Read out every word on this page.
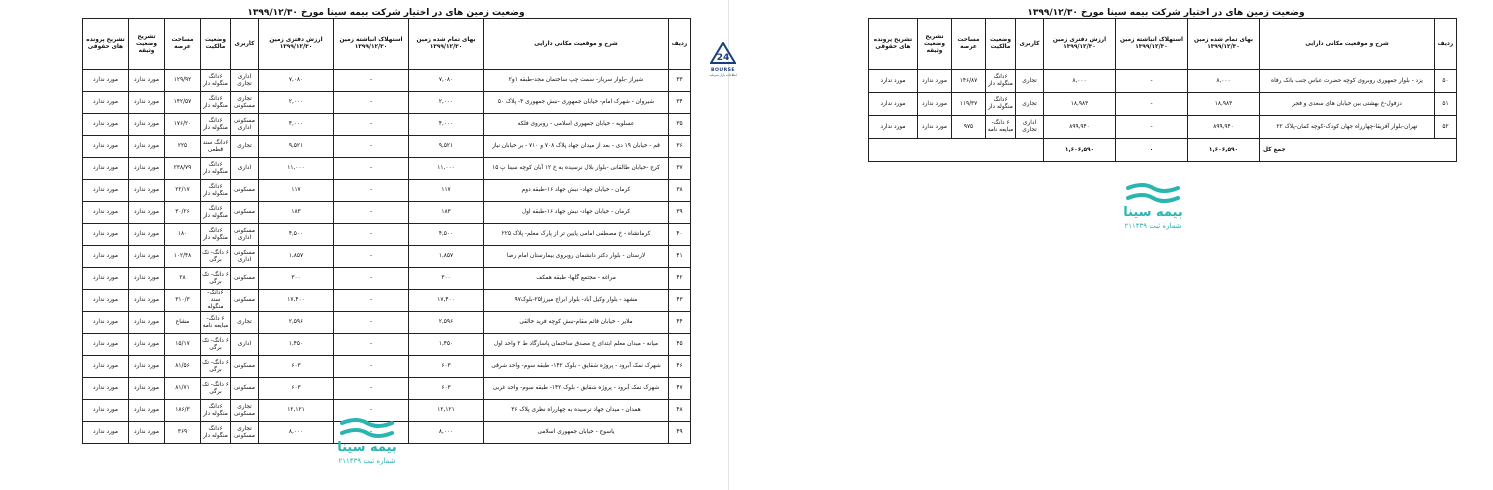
وضعیت زمین های در اختیار شرکت بیمه سینا مورخ ۱۳۹۹/۱۲/۳۰
ردیف	شرح و موقعیت مکانی دارایی	بهای تمام شده زمین ۱۳۹۹/۱۲/۳۰	استهلاک انباشته زمین ۱۳۹۹/۱۲/۳۰	ارزش دفتری زمین ۱۳۹۹/۱۲/۳۰	کاربری	وضعیت مالکیت	مساحت عرصه	تشریح وضعیت وثیقه	تشریح پرونده های حقوقی
۳۳	شیراز -بلوار سرباز- سمت چپ ساختمان مجد-طبقه ۱و۲	۷,۰۸۰	-	۷,۰۸۰	اداری تجاری	۶دانگ منگوله دار	۱۲۹/۹۲	مورد ندارد	مورد ندارد
۳۴	شیروان - شهرک امام- خیابان جمهوری -نبش جمهوری ۳- پلاک ۵۰	۲,۰۰۰	-	۲,۰۰۰	تجاری مسکونی	۶دانگ منگوله دار	۱۴۲/۵۷	مورد ندارد	مورد ندارد
۳۵	عسلویه - خیابان جمهوری اسلامی - روبروی فلکه	۴,۰۰۰	-	۴,۰۰۰	مسکونی اداری	۶دانگ منگوله دار	۱۷۶/۲۰	مورد ندارد	مورد ندارد
۳۶	قم - خیابان ۱۹ دی - بعد از میدان جهاد پلاک ۷۰۸ و ۷۱۰ - بر خیابان نیاز	۹,۵۲۱	-	۹,۵۲۱	تجاری	۶دانگ سند قطعی	۲۲۵	مورد ندارد	مورد ندارد
۳۷	کرج -خیابان طالقانی -بلوار بلال نرسیده به خ ۱۲ آبان کوچه سینا پ ۱۵	۱۱,۰۰۰	-	۱۱,۰۰۰	اداری	۶دانگ منگوله دار	۲۳۸/۷۹	مورد ندارد	مورد ندارد
۳۸	کرمان - خیابان جهاد- نبش جهاد ۱۶-طبقه دوم	۱۱۷	-	۱۱۷	مسکونی	۶دانگ منگوله دار	۲۲/۱۷	مورد ندارد	مورد ندارد
۳۹	کرمان - خیابان جهاد- نبش جهاد ۱۶-طبقه اول	۱۸۳	-	۱۸۳	مسکونی	۶دانگ منگوله دار	۳۰/۲۶	مورد ندارد	مورد ندارد
۴۰	کرمانشاه - خ مصطفی امامی پایین تر از پارک معلم- پلاک ۲۲۵	۴,۵۰۰	-	۴,۵۰۰	مسکونی اداری	۶دانگ منگوله دار	۱۸۰	مورد ندارد	مورد ندارد
۴۱	لارستان - بلوار دکتر دانشمان روبروی بیمارستان امام رضا	۱,۸۵۷	-	۱,۸۵۷	مسکونی اداری	۶ دانگ- تک برگی	۱۰۲/۴۸	مورد ندارد	مورد ندارد
۴۲	مراغه - مجتمع گلها- طبقه همکف	۳۰۰	-	۳۰۰	مسکونی	۶ دانگ- تک برگی	۲۸	مورد ندارد	مورد ندارد
۴۳	مشهد - بلوار وکیل آباد- بلوار ابراج میرزا۲۵-بلوک۹۷	۱۷,۴۰۰	-	۱۷,۴۰۰	مسکونی	۶دانگ- سند منگوله	۳۱۰/۳	مورد ندارد	مورد ندارد
۴۴	ملایر - خیابان قائم مقام-نبش کوچه فرید خالقی	۲,۵۹۶	-	۲,۵۹۶	تجاری	۶ دانگ- مبایعه نامه	مشاع	مورد ندارد	مورد ندارد
۴۵	میانه - میدان معلم ابتدای خ مصدق ساختمان پاسارگاد ط ۲ واحد اول	۱,۴۵۰	-	۱,۴۵۰	اداری	۶ دانگ- تک برگی	۱۵/۱۷	مورد ندارد	مورد ندارد
۴۶	شهرک نمک آبرود - پروژه شقایق - بلوک ۱۴۲- طبقه سوم- واحد شرقی	۶۰۳	-	۶۰۳	مسکونی	۶ دانگ- تک برگی	۸۱/۵۶	مورد ندارد	مورد ندارد
۴۷	شهرک نمک آبرود - پروژه شقایق - بلوک ۱۴۲- طبقه سوم- واحد غربی	۶۰۳	-	۶۰۳	مسکونی	۶ دانگ- تک برگی	۸۱/۷۱	مورد ندارد	مورد ندارد
۴۸	همدان - میدان جهاد نرسیده به چهارراه نظری پلاک ۳۶	۱۲,۱۲۱	-	۱۲,۱۲۱	تجاری مسکونی	۶دانگ منگوله دار	۱۸۶/۳	مورد ندارد	مورد ندارد
۴۹	یاسوج - خیابان جمهوری اسلامی	۸,۰۰۰	-	۸,۰۰۰	تجاری مسکونی	۶دانگ منگوله دار	۳۶۹	مورد ندارد	مورد ندارد
24
BOURSE
اطلاعات بازار سرمایه
وضعیت زمین های در اختیار شرکت بیمه سینا مورخ ۱۳۹۹/۱۲/۳۰
ردیف	شرح و موقعیت مکانی دارایی	بهای تمام شده زمین ۱۳۹۹/۱۲/۳۰	استهلاک انباشته زمین ۱۳۹۹/۱۲/۳۰	ارزش دفتری زمین ۱۳۹۹/۱۲/۳۰	کاربری	وضعیت مالکیت	مساحت عرصه	تشریح وضعیت وثیقه	تشریح پرونده های حقوقی
۵۰	یزد - بلوار جمهوری روبروی کوچه حضرت عباس جنب بانک رفاه	۸,۰۰۰	-	۸,۰۰۰	تجاری	۶دانگ منگوله دار	۱۴۶/۸۷	مورد ندارد	مورد ندارد
۵۱	دزفول-خ بهشتی بین خیابان های سعدی و فجر	۱۸,۹۸۳	-	۱۸,۹۸۳	تجاری	۶دانگ منگوله دار	۱۱۹/۳۷	مورد ندارد	مورد ندارد
۵۲	تهران-بلوار آفریقا-چهارراه جهان کودک-کوچه کمان-پلاک ۲۲	۸۹۹,۹۴۰	-	۸۹۹,۹۴۰	اداری تجاری	۶ دانگ- مبایعه نامه	۹۷۵	مورد ندارد	مورد ندارد
جمع کل		۱,۶۰۶,۵۹۰	۰	۱,۶۰۶,۵۹۰					
بیمه سینا
شماره ثبت ۲۱۱۴۳۹
بیمه سینا
شماره ثبت ۲۱۱۴۳۹
